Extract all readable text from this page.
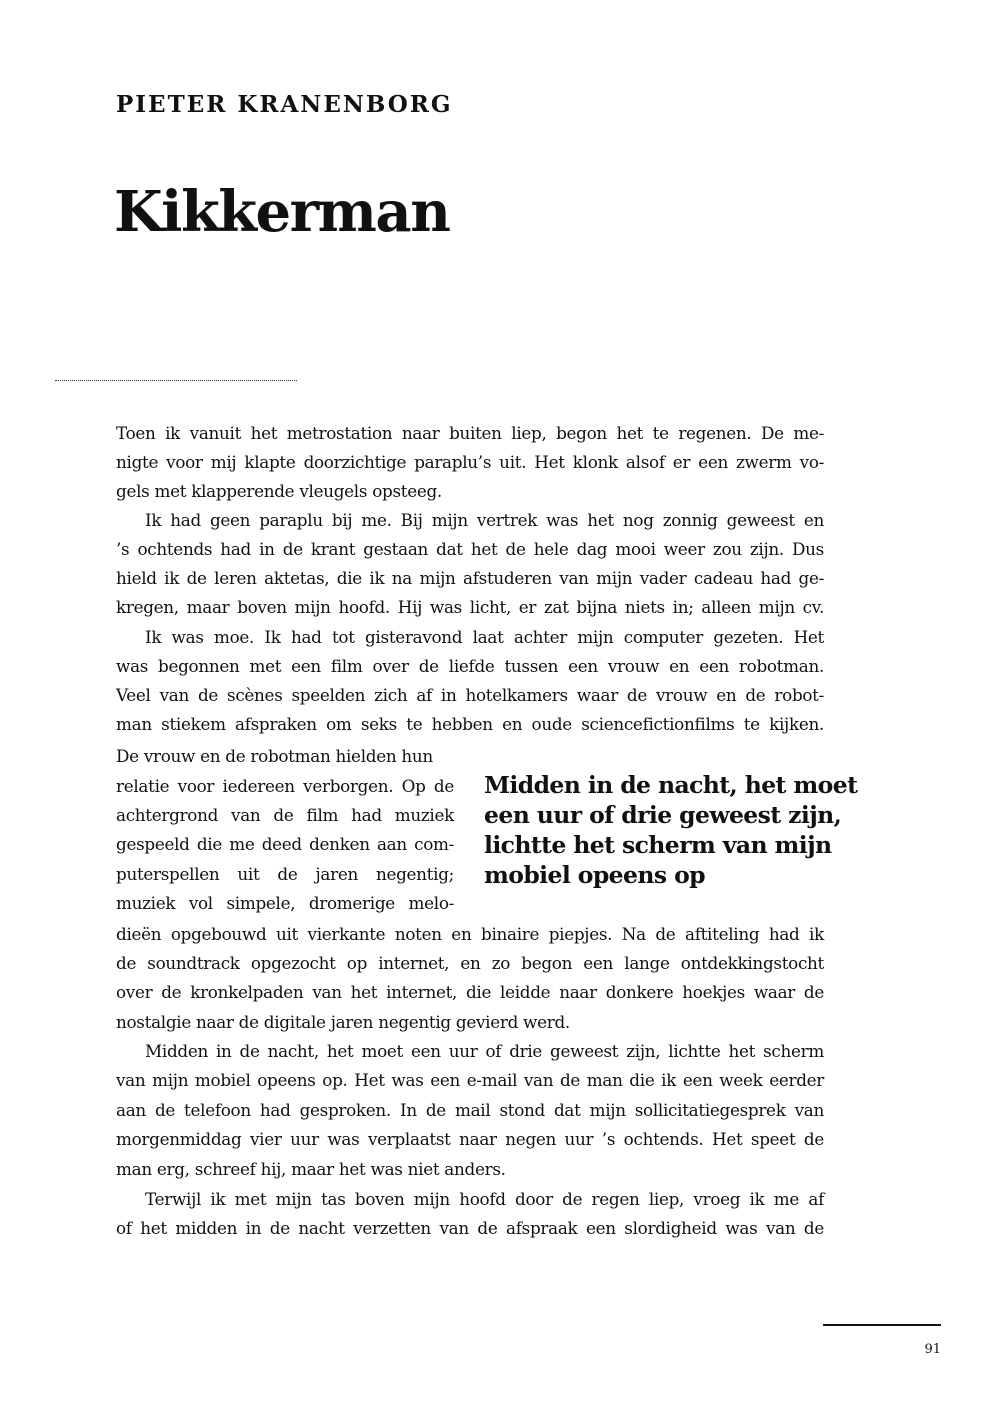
PIETER KRANENBORG
Kikkerman

Toen ik vanuit het metrostation naar buiten liep, begon het te regenen. De me-

nigte voor mij klapte doorzichtige paraplu’s uit. Het klonk alsof er een zwerm vo-

gels met klapperende vleugels opsteeg.

Ik had geen paraplu bij me. Bij mijn vertrek was het nog zonnig geweest en

’s ochtends had in de krant gestaan dat het de hele dag mooi weer zou zijn. Dus

hield ik de leren aktetas, die ik na mijn afstuderen van mijn vader cadeau had ge-

kregen, maar boven mijn hoofd. Hij was licht, er zat bijna niets in; alleen mijn cv.

Ik was moe. Ik had tot gisteravond laat achter mijn computer gezeten. Het

was begonnen met een film over de liefde tussen een vrouw en een robotman.

Veel van de scènes speelden zich af in hotelkamers waar de vrouw en de robot-

man stiekem afspraken om seks te hebben en oude sciencefictionfilms te kijken.

De vrouw en de robotman hielden hun

relatie voor iedereen verborgen. Op de

achtergrond van de film had muziek

gespeeld die me deed denken aan com-

puterspellen uit de jaren negentig;

muziek vol simpele, dromerige melo-

dieën opgebouwd uit vierkante noten en binaire piepjes. Na de aftiteling had ik

de soundtrack opgezocht op internet, en zo begon een lange ontdekkingstocht

over de kronkelpaden van het internet, die leidde naar donkere hoekjes waar de

nostalgie naar de digitale jaren negentig gevierd werd.

Midden in de nacht, het moet een uur of drie geweest zijn, lichtte het scherm

van mijn mobiel opeens op. Het was een e-mail van de man die ik een week eerder

aan de telefoon had gesproken. In de mail stond dat mijn sollicitatiegesprek van

morgenmiddag vier uur was verplaatst naar negen uur ’s ochtends. Het speet de

man erg, schreef hij, maar het was niet anders.

Terwijl ik met mijn tas boven mijn hoofd door de regen liep, vroeg ik me af

of het midden in de nacht verzetten van de afspraak een slordigheid was van de

Midden in de nacht, het moet
een uur of drie geweest zijn,
lichtte het scherm van mijn
mobiel opeens op
91
